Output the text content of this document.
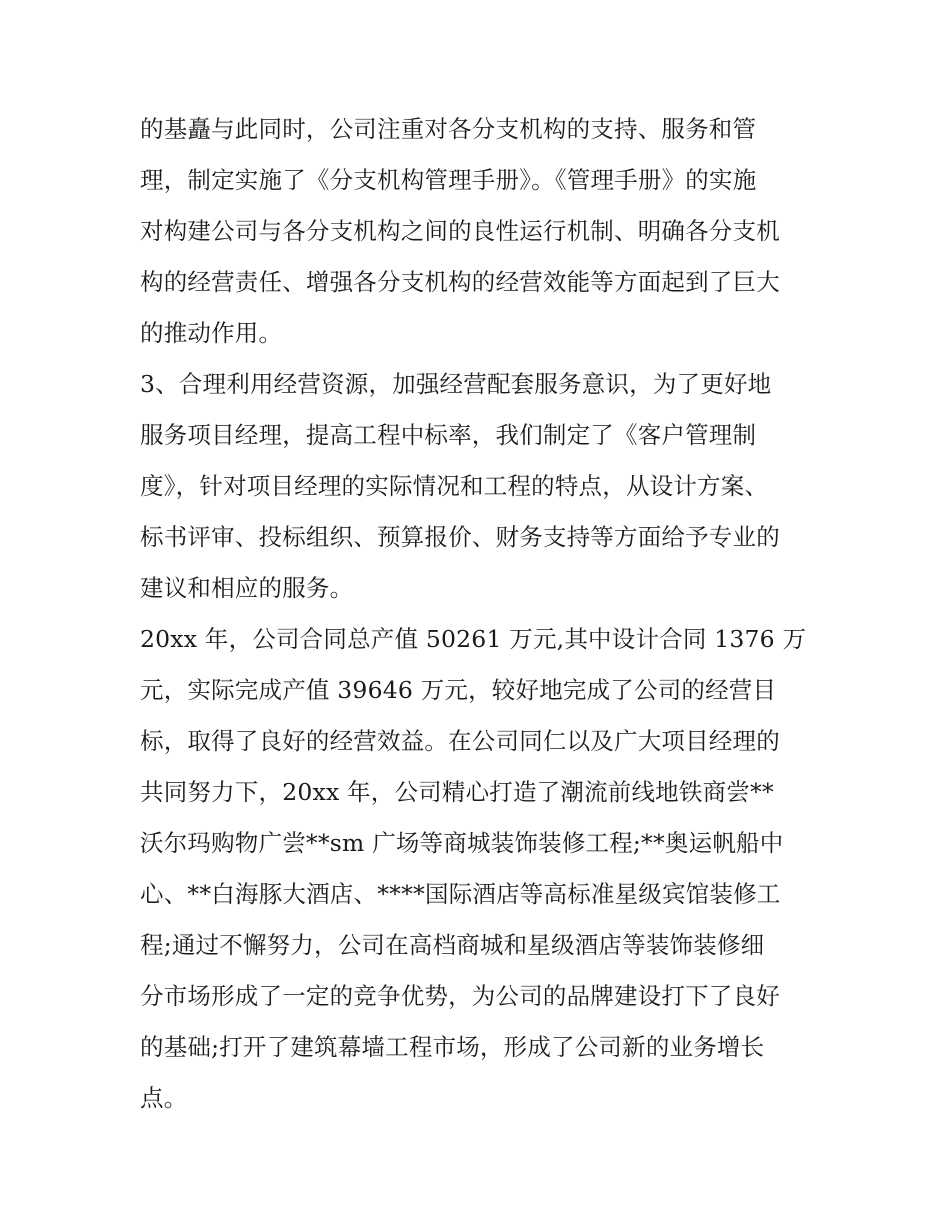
的基矗与此同时，公司注重对各分支机构的支持、服务和管
理，制定实施了《分支机构管理手册》。《管理手册》的实施
对构建公司与各分支机构之间的良性运行机制、明确各分支机
构的经营责任、增强各分支机构的经营效能等方面起到了巨大
的推动作用。
3、合理利用经营资源，加强经营配套服务意识，为了更好地
服务项目经理，提高工程中标率，我们制定了《客户管理制
度》，针对项目经理的实际情况和工程的特点，从设计方案、
标书评审、投标组织、预算报价、财务支持等方面给予专业的
建议和相应的服务。
20xx 年，公司合同总产值 50261 万元,其中设计合同 1376 万
元，实际完成产值 39646 万元，较好地完成了公司的经营目
标，取得了良好的经营效益。在公司同仁以及广大项目经理的
共同努力下，20xx 年，公司精心打造了潮流前线地铁商尝**
沃尔玛购物广尝**sm 广场等商城装饰装修工程;**奥运帆船中
心、**白海豚大酒店、****国际酒店等高标准星级宾馆装修工
程;通过不懈努力，公司在高档商城和星级酒店等装饰装修细
分市场形成了一定的竞争优势，为公司的品牌建设打下了良好
的基础;打开了建筑幕墙工程市场，形成了公司新的业务增长
点。
